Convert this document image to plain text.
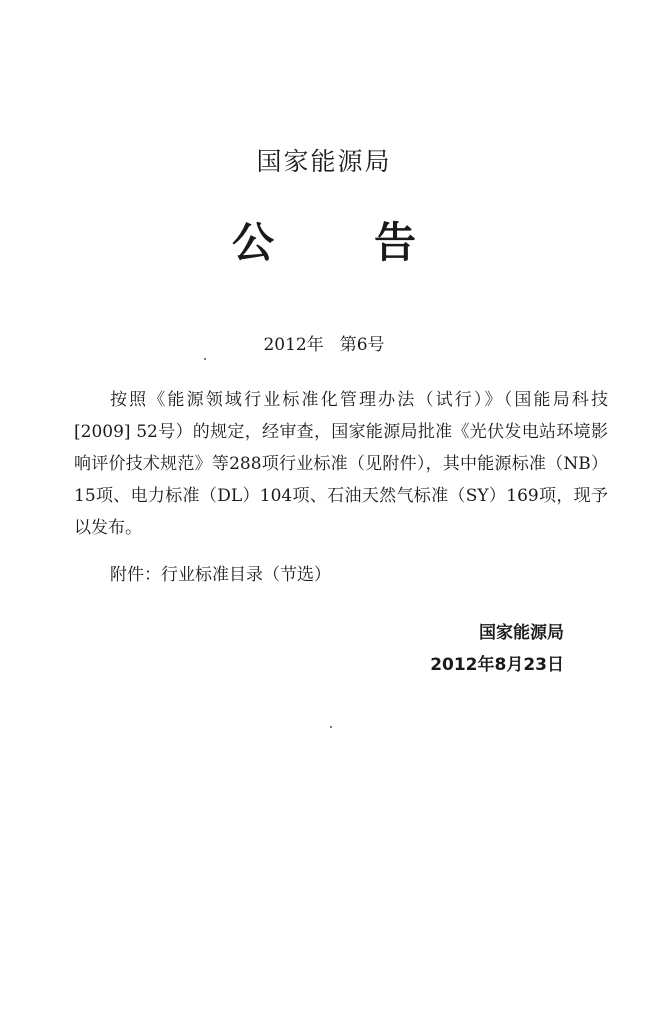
国家能源局
公 告
2012年 第6号

按照《能源领域行业标准化管理办法（试行）》（国能局科技[2009] 52号）的规定，经审查，国家能源局批准《光伏发电站环境影响评价技术规范》等288项行业标准（见附件），其中能源标准（NB）15项、电力标准（DL）104项、石油天然气标准（SY）169项，现予以发布。

附件：行业标准目录（节选）
国家能源局
2012年8月23日
